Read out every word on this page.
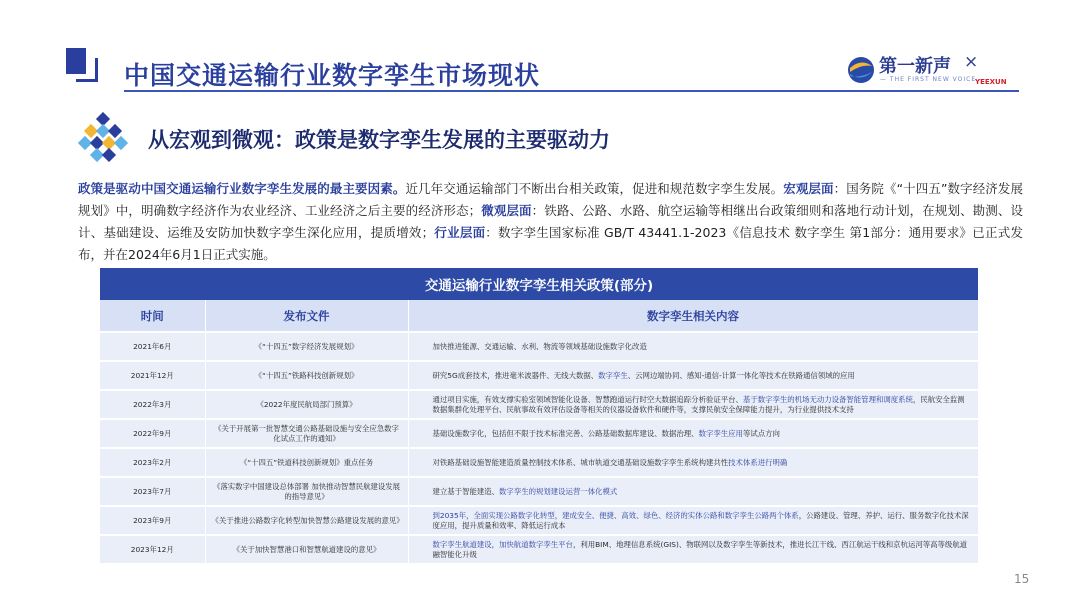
中国交通运输行业数字孪生市场现状	第一新声
— THE FIRST NEW VOICE —
×
YEEXUN
从宏观到微观：政策是数字孪生发展的主要驱动力
政策是驱动中国交通运输行业数字孪生发展的最主要因素。近几年交通运输部门不断出台相关政策，促进和规范数字孪生发展。宏观层面：国务院《“十四五”数字经济发展规划》中，明确数字经济作为农业经济、工业经济之后主要的经济形态；微观层面：铁路、公路、水路、航空运输等相继出台政策细则和落地行动计划，在规划、勘测、设计、基础建设、运维及安防加快数字孪生深化应用，提质增效；行业层面：数字孪生国家标准 GB/T 43441.1-2023《信息技术 数字孪生 第1部分：通用要求》已正式发布，并在2024年6月1日正式实施。
交通运输行业数字孪生相关政策(部分)		
时间	发布文件	数字孪生相关内容
2021年6月	《“十四五”数字经济发展规划》	加快推进能源、交通运输、水利、物流等领域基础设施数字化改造
2021年12月	《“十四五”铁路科技创新规划》	研究5G成套技术，推进毫米波器件、无线大数据、数字孪生、云网边端协同、感知-通信-计算一体化等技术在铁路通信领域的应用
2022年3月	《2022年度民航局部门预算》	通过项目实施，有效支撑实验室领域智能化设备、智慧跑道运行时空大数据追踪分析验证平台、基于数字孪生的机场无动力设备智能管理和调度系统，民航安全监测数据集群化处理平台、民航事故有效评估设备等相关的仪器设备软件和硬件等，支撑民航安全保障能力提升，为行业提供技术支持
2022年9月	《关于开展第一批智慧交通公路基础设施与安全应急数字化试点工作的通知》	基础设施数字化，包括但不限于技术标准完善、公路基础数据库建设、数据治理、数字孪生应用等试点方向
2023年2月	《“十四五”铁道科技创新规划》重点任务	对铁路基础设施智能建造质量控制技术体系、城市轨道交通基础设施数字孪生系统构建共性技术体系进行明确
2023年7月	《落实数字中国建设总体部署 加快推动智慧民航建设发展的指导意见》	建立基于智能建造、数字孪生的规划建设运营一体化模式
2023年9月	《关于推进公路数字化转型加快智慧公路建设发展的意见》	到2035年，全面实现公路数字化转型，建成安全、便捷、高效、绿色、经济的实体公路和数字孪生公路两个体系，公路建设、管理、养护、运行、服务数字化技术深度应用，提升质量和效率、降低运行成本
2023年12月	《关于加快智慧港口和智慧航道建设的意见》	数字孪生航道建设，加快航道数字孪生平台，利用BIM、地理信息系统(GIS)、物联网以及数字孪生等新技术，推进长江干线、西江航运干线和京杭运河等高等级航道融智能化升级
15
